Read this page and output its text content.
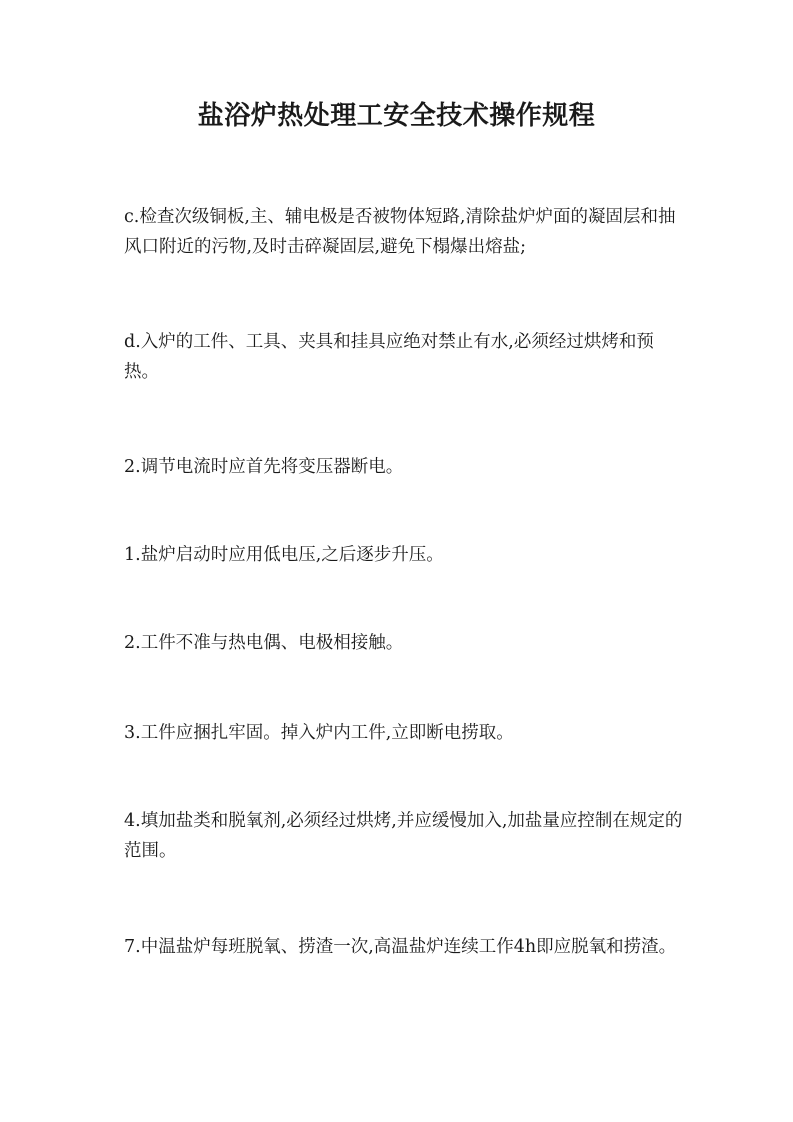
盐浴炉热处理工安全技术操作规程
c.检查次级铜板,主、辅电极是否被物体短路,清除盐炉炉面的凝固层和抽风口附近的污物,及时击碎凝固层,避免下榻爆出熔盐;
d.入炉的工件、工具、夹具和挂具应绝对禁止有水,必须经过烘烤和预热。
2.调节电流时应首先将变压器断电。
1.盐炉启动时应用低电压,之后逐步升压。
2.工件不准与热电偶、电极相接触。
3.工件应捆扎牢固。掉入炉内工件,立即断电捞取。
4.填加盐类和脱氧剂,必须经过烘烤,并应缓慢加入,加盐量应控制在规定的范围。
7.中温盐炉每班脱氧、捞渣一次,高温盐炉连续工作4h即应脱氧和捞渣。
